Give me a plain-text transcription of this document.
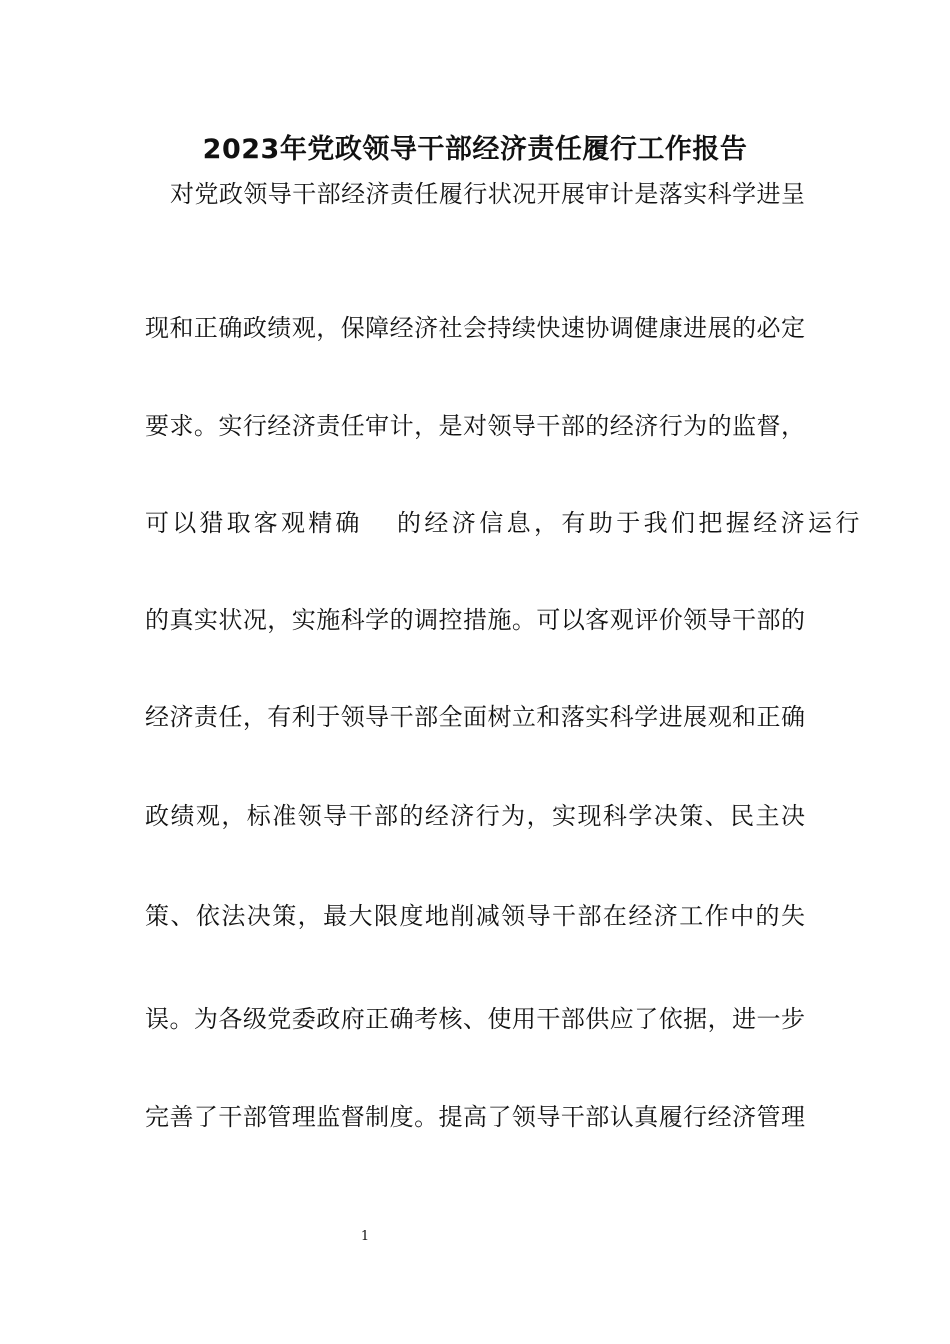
2023年党政领导干部经济责任履行工作报告
对党政领导干部经济责任履行状况开展审计是落实科学进呈
现和正确政绩观，保障经济社会持续快速协调健康进展的必定
要求。实行经济责任审计，是对领导干部的经济行为的监督，
可以猎取客观精确 的经济信息，有助于我们把握经济运行
的真实状况，实施科学的调控措施。可以客观评价领导干部的
经济责任，有利于领导干部全面树立和落实科学进展观和正确
政绩观，标准领导干部的经济行为，实现科学决策、民主决
策、依法决策，最大限度地削减领导干部在经济工作中的失
误。为各级党委政府正确考核、使用干部供应了依据，进一步
完善了干部管理监督制度。提高了领导干部认真履行经济管理
1
